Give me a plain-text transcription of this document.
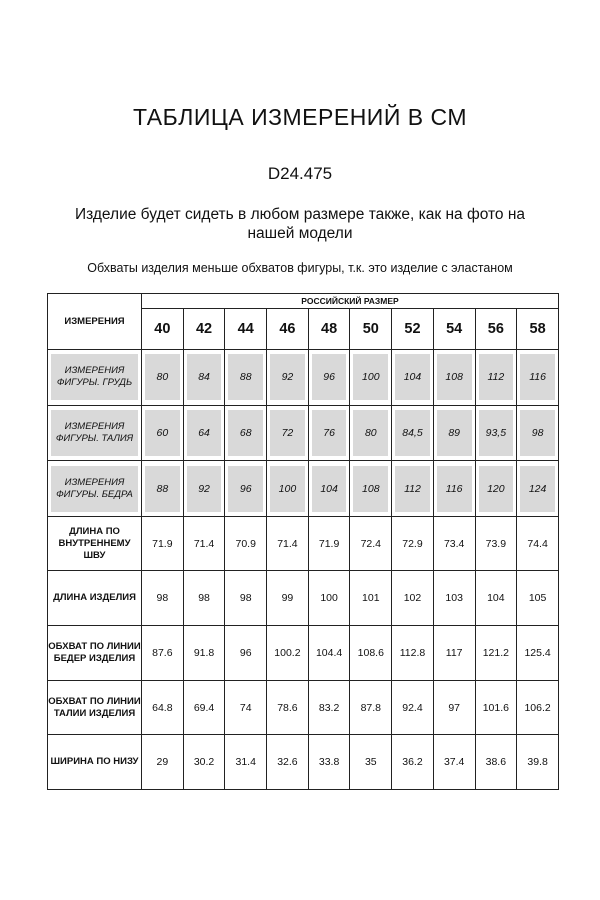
ТАБЛИЦА ИЗМЕРЕНИЙ В СМ
D24.475
Изделие будет сидеть в любом размере также, как на фото на нашей модели
Обхваты изделия меньше обхватов фигуры, т.к. это изделие с эластаном
ИЗМЕРЕНИЯ	РОССИЙСКИЙ РАЗМЕР									
	40	42	44	46	48	50	52	54	56	58

ИЗМЕРЕНИЯ ФИГУРЫ. ГРУДЬ	80	84	88	92	96	100	104	108	112	116

ИЗМЕРЕНИЯ ФИГУРЫ. ТАЛИЯ	60	64	68	72	76	80	84,5	89	93,5	98

ИЗМЕРЕНИЯ ФИГУРЫ. БЕДРА	88	92	96	100	104	108	112	116	120	124

ДЛИНА ПО ВНУТРЕННЕМУ ШВУ	71.9	71.4	70.9	71.4	71.9	72.4	72.9	73.4	73.9	74.4
ДЛИНА ИЗДЕЛИЯ	98	98	98	99	100	101	102	103	104	105
ОБХВАТ ПО ЛИНИИ БЕДЕР ИЗДЕЛИЯ	87.6	91.8	96	100.2	104.4	108.6	112.8	117	121.2	125.4
ОБХВАТ ПО ЛИНИИ ТАЛИИ ИЗДЕЛИЯ	64.8	69.4	74	78.6	83.2	87.8	92.4	97	101.6	106.2
ШИРИНА ПО НИЗУ	29	30.2	31.4	32.6	33.8	35	36.2	37.4	38.6	39.8
